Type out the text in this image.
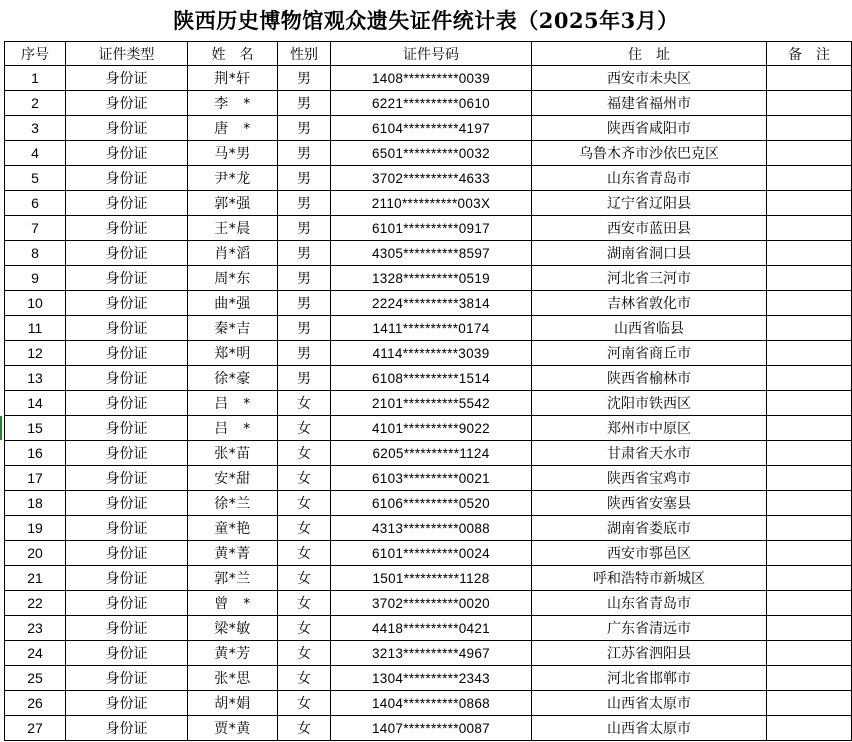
陕西历史博物馆观众遗失证件统计表（2025年3月）
序号	证件类型	姓　名	性别	证件号码	住　址	备　注
1	身份证	荆*轩	男	1408**********0039	西安市未央区	
2	身份证	李　*	男	6221**********0610	福建省福州市	
3	身份证	唐　*	男	6104**********4197	陕西省咸阳市	
4	身份证	马*男	男	6501**********0032	乌鲁木齐市沙依巴克区	
5	身份证	尹*龙	男	3702**********4633	山东省青岛市	
6	身份证	郭*强	男	2110**********003X	辽宁省辽阳县	
7	身份证	王*晨	男	6101**********0917	西安市蓝田县	
8	身份证	肖*滔	男	4305**********8597	湖南省洞口县	
9	身份证	周*东	男	1328**********0519	河北省三河市	
10	身份证	曲*强	男	2224**********3814	吉林省敦化市	
11	身份证	秦*吉	男	1411**********0174	山西省临县	
12	身份证	郑*明	男	4114**********3039	河南省商丘市	
13	身份证	徐*豪	男	6108**********1514	陕西省榆林市	
14	身份证	吕　*	女	2101**********5542	沈阳市铁西区	
15	身份证	吕　*	女	4101**********9022	郑州市中原区	
16	身份证	张*苗	女	6205**********1124	甘肃省天水市	
17	身份证	安*甜	女	6103**********0021	陕西省宝鸡市	
18	身份证	徐*兰	女	6106**********0520	陕西省安塞县	
19	身份证	童*艳	女	4313**********0088	湖南省娄底市	
20	身份证	黄*菁	女	6101**********0024	西安市鄠邑区	
21	身份证	郭*兰	女	1501**********1128	呼和浩特市新城区	
22	身份证	曾　*	女	3702**********0020	山东省青岛市	
23	身份证	梁*敏	女	4418**********0421	广东省清远市	
24	身份证	黄*芳	女	3213**********4967	江苏省泗阳县	
25	身份证	张*思	女	1304**********2343	河北省邯郸市	
26	身份证	胡*娟	女	1404**********0868	山西省太原市	
27	身份证	贾*黄	女	1407**********0087	山西省太原市	
